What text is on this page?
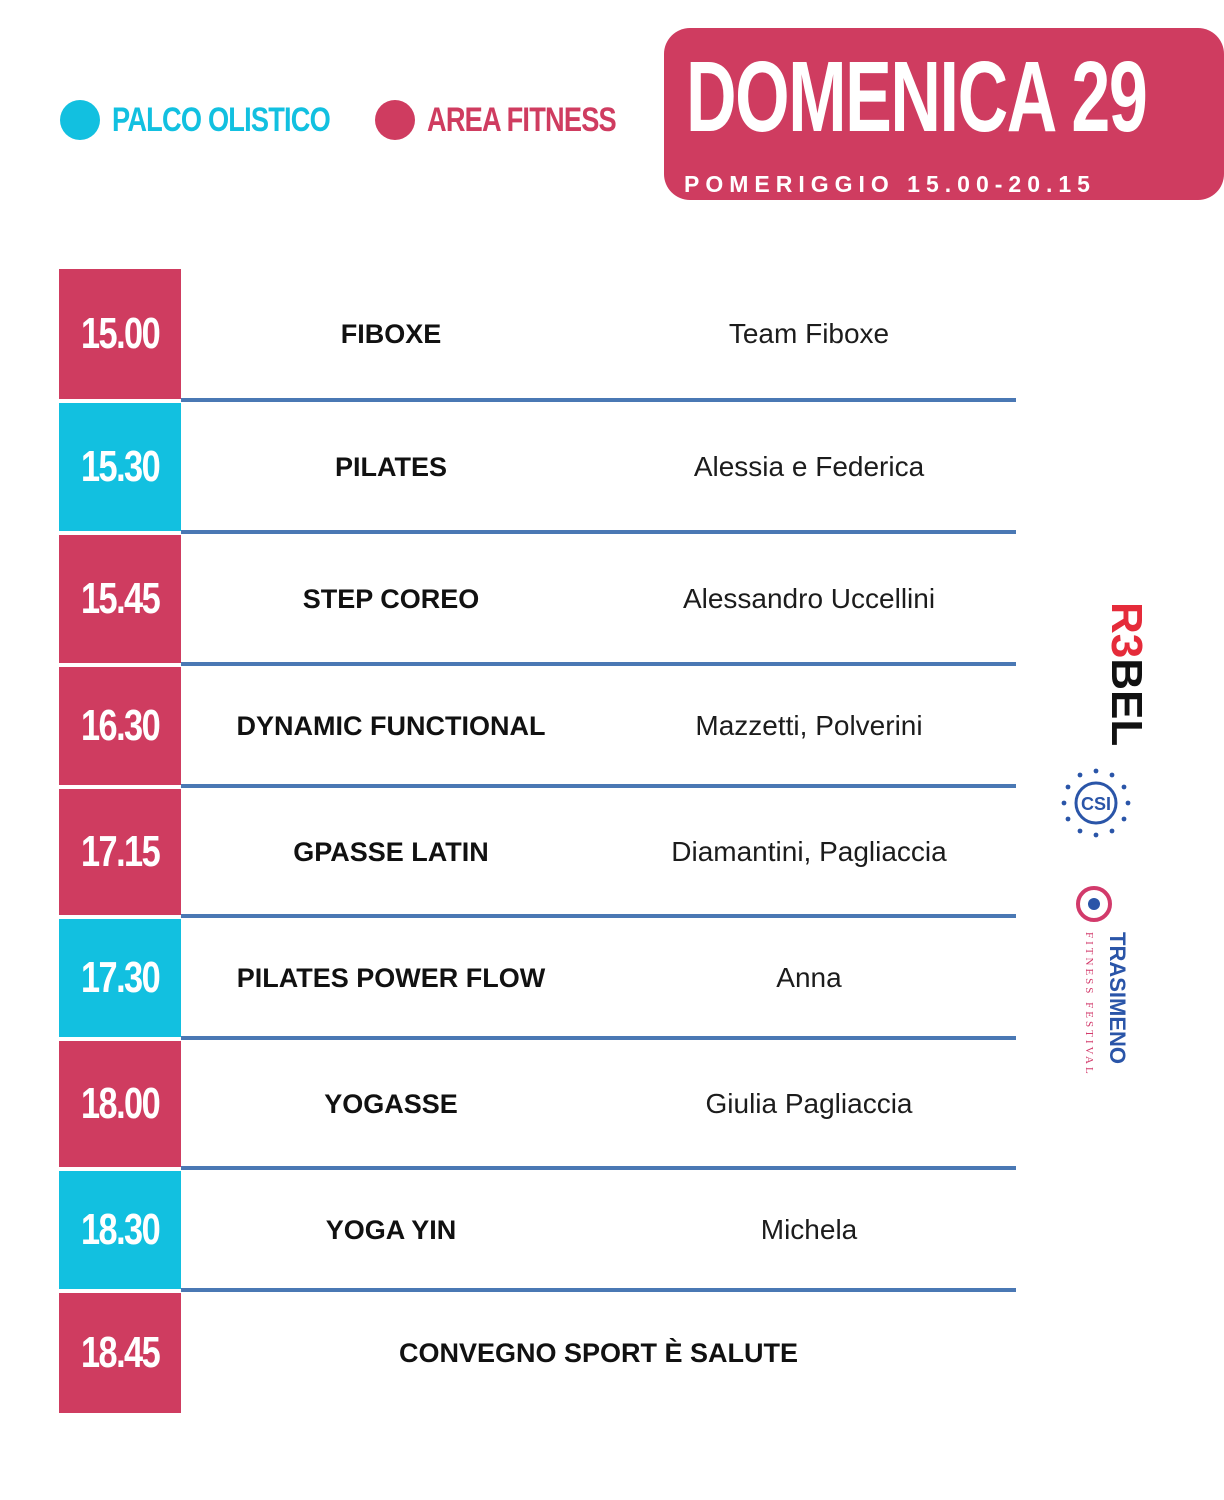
PALCO OLISTICO	AREA FITNESS DOMENICA 29
POMERIGGIO 15.00-20.15
15.00	FIBOXE	Team Fiboxe
15.30	PILATES	Alessia e Federica
15.45	STEP COREO	Alessandro Uccellini
16.30	DYNAMIC FUNCTIONAL	Mazzetti, Polverini
17.15	GPASSE LATIN	Diamantini, Pagliaccia
17.30	PILATES POWER FLOW	Anna
18.00	YOGASSE	Giulia Pagliaccia
18.30	YOGA YIN	Michela
18.45	CONVEGNO SPORT È SALUTE
R3BEL
CSI
TRASIMENO
FITNESS FESTIVAL
